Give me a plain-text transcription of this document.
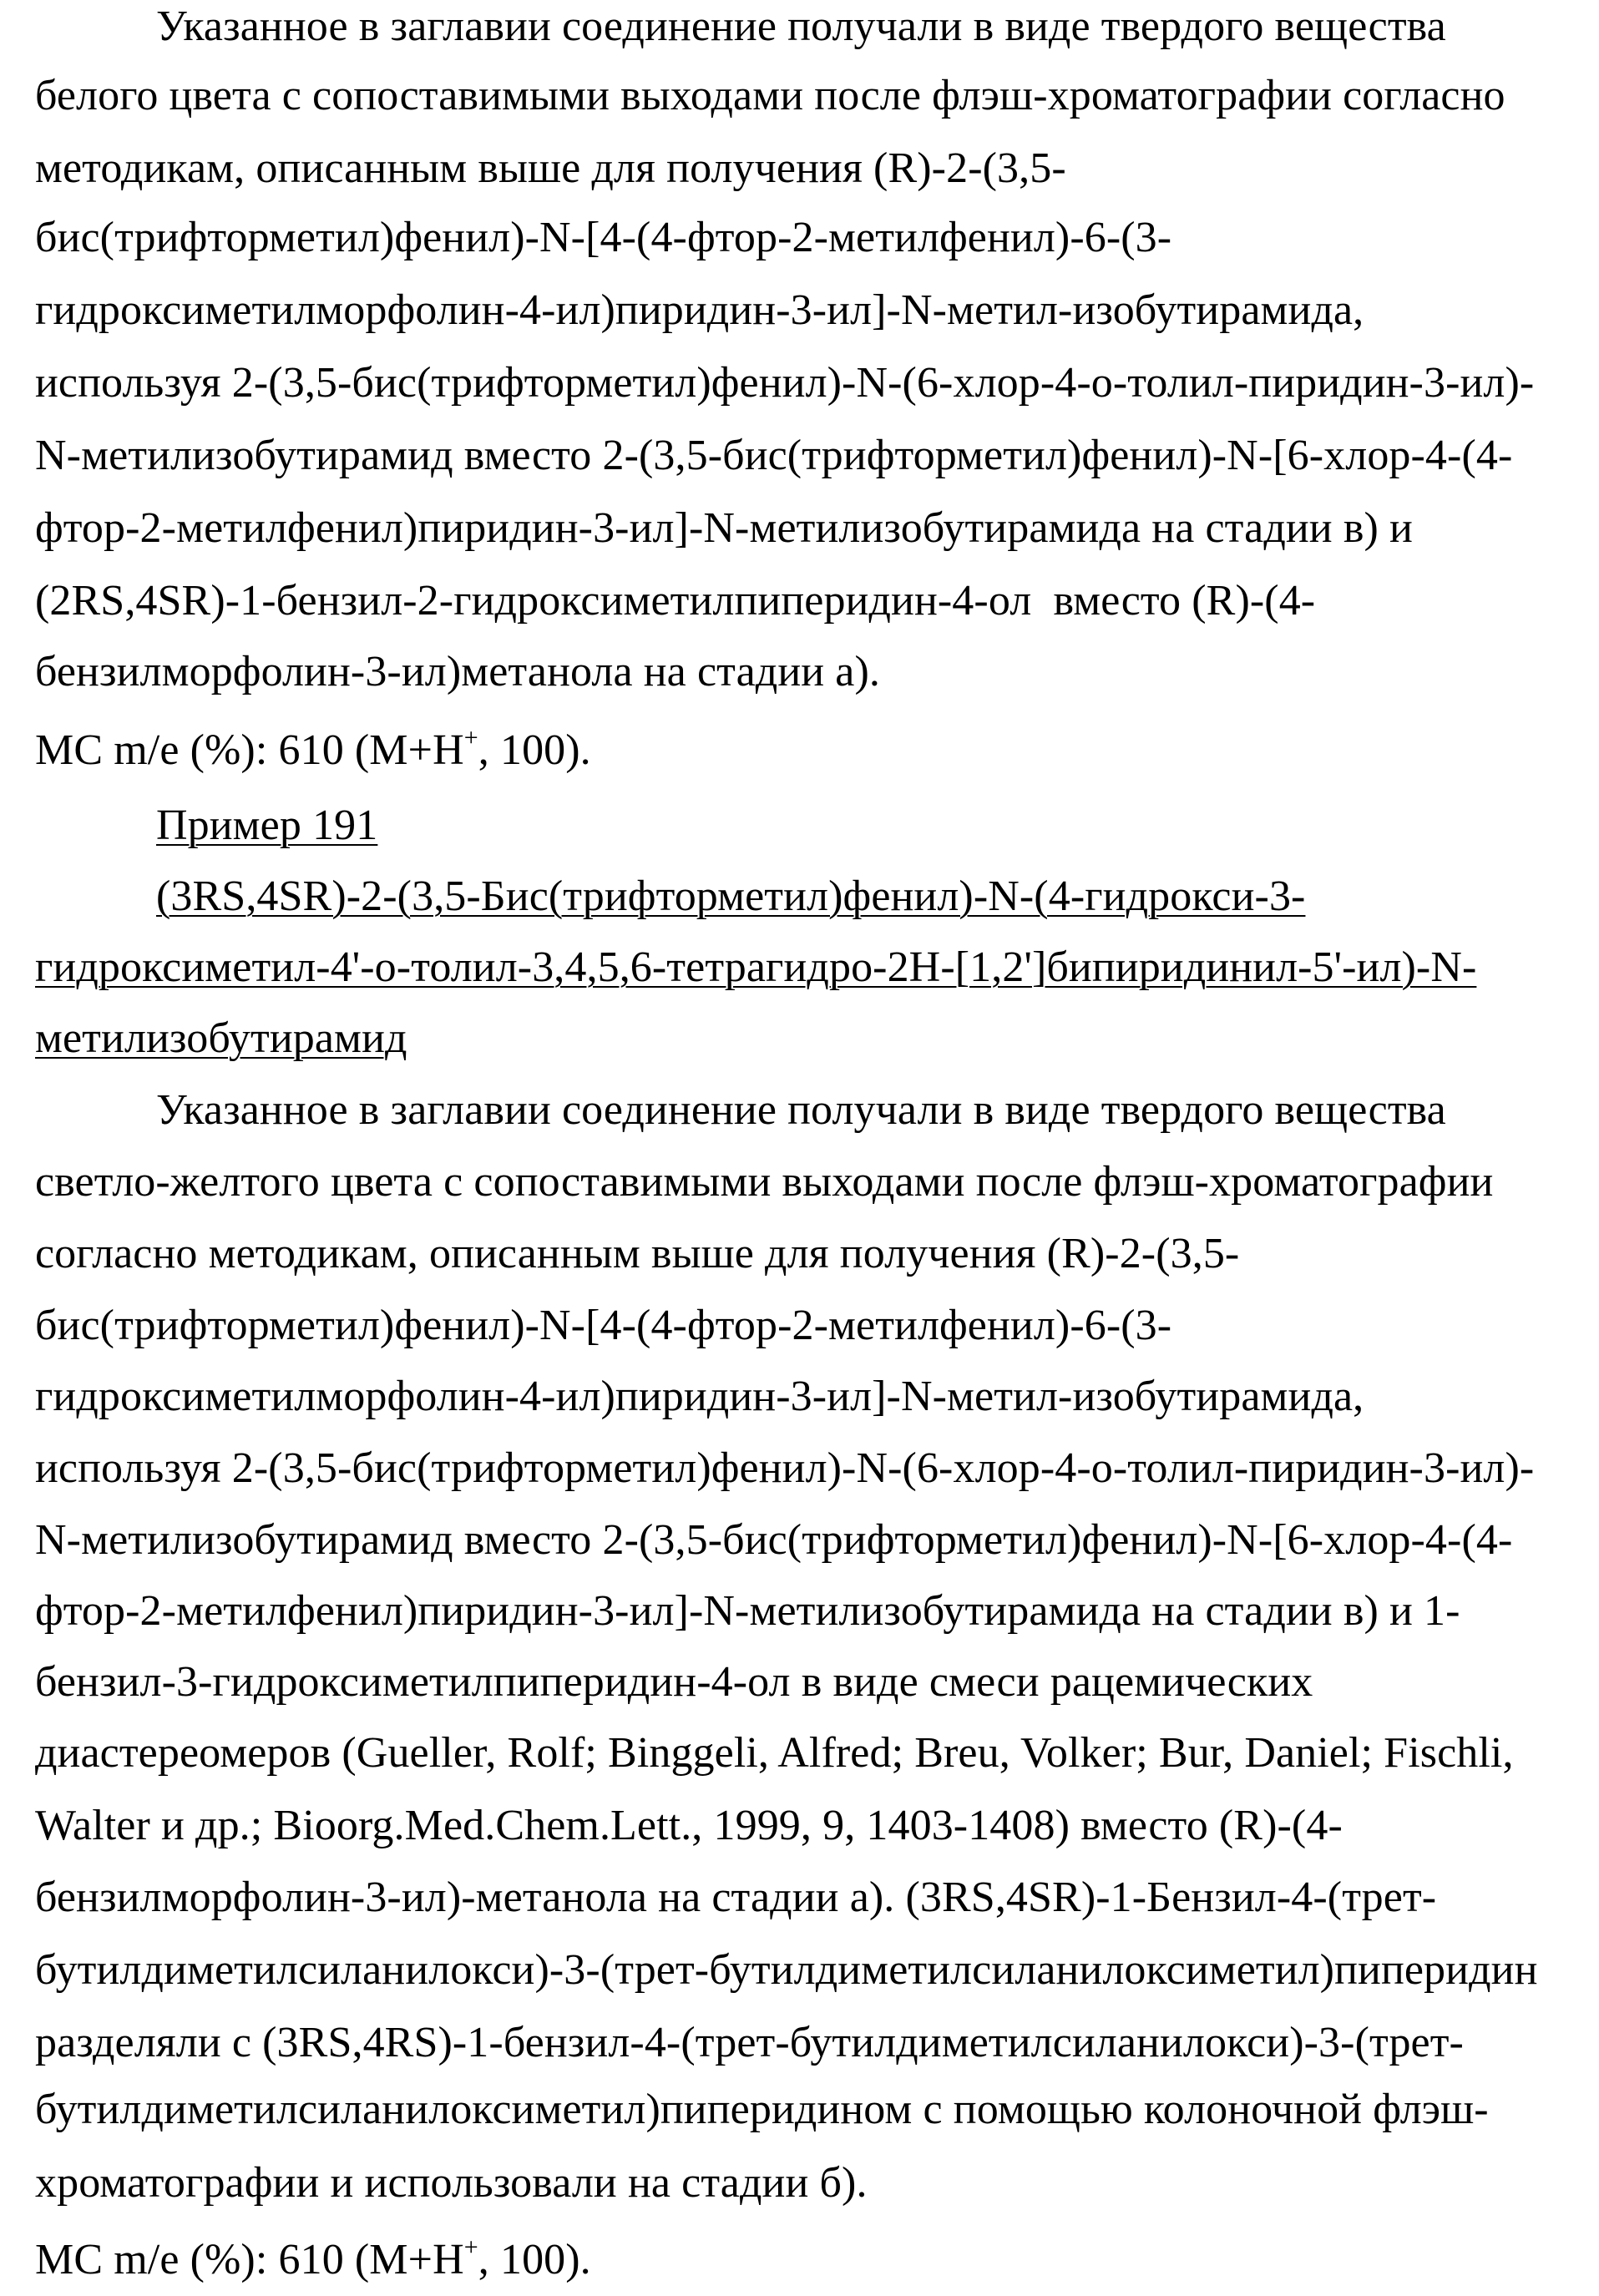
Указанное в заглавии соединение получали в виде твердого вещества
белого цвета с сопоставимыми выходами после флэш-хроматографии согласно
методикам, описанным выше для получения (R)-2-(3,5-
бис(трифторметил)фенил)-N-[4-(4-фтор-2-метилфенил)-6-(3-
гидроксиметилморфолин-4-ил)пиридин-3-ил]-N-метил-изобутирамида,
используя 2-(3,5-бис(трифторметил)фенил)-N-(6-хлор-4-о-толил-пиридин-3-ил)-
N-метилизобутирамид вместо 2-(3,5-бис(трифторметил)фенил)-N-[6-хлор-4-(4-
фтор-2-метилфенил)пиридин-3-ил]-N-метилизобутирамида на стадии в) и
(2RS,4SR)-1-бензил-2-гидроксиметилпиперидин-4-ол  вместо (R)-(4-
бензилморфолин-3-ил)метанола на стадии а).
МС m/e (%): 610 (M+H+, 100).
Пример 191
(3RS,4SR)-2-(3,5-Бис(трифторметил)фенил)-N-(4-гидрокси-3-
гидроксиметил-4'-о-толил-3,4,5,6-тетрагидро-2H-[1,2']бипиридинил-5'-ил)-N-
метилизобутирамид
Указанное в заглавии соединение получали в виде твердого вещества
светло-желтого цвета с сопоставимыми выходами после флэш-хроматографии
согласно методикам, описанным выше для получения (R)-2-(3,5-
бис(трифторметил)фенил)-N-[4-(4-фтор-2-метилфенил)-6-(3-
гидроксиметилморфолин-4-ил)пиридин-3-ил]-N-метил-изобутирамида,
используя 2-(3,5-бис(трифторметил)фенил)-N-(6-хлор-4-о-толил-пиридин-3-ил)-
N-метилизобутирамид вместо 2-(3,5-бис(трифторметил)фенил)-N-[6-хлор-4-(4-
фтор-2-метилфенил)пиридин-3-ил]-N-метилизобутирамида на стадии в) и 1-
бензил-3-гидроксиметилпиперидин-4-ол в виде смеси рацемических
диастереомеров (Gueller, Rolf; Binggeli, Alfred; Breu, Volker; Bur, Daniel; Fischli,
Walter и др.; Bioorg.Med.Chem.Lett., 1999, 9, 1403-1408) вместо (R)-(4-
бензилморфолин-3-ил)-метанола на стадии а). (3RS,4SR)-1-Бензил-4-(трет-
бутилдиметилсиланилокси)-3-(трет-бутилдиметилсиланилоксиметил)пиперидин
разделяли с (3RS,4RS)-1-бензил-4-(трет-бутилдиметилсиланилокси)-3-(трет-
бутилдиметилсиланилоксиметил)пиперидином с помощью колоночной флэш-
хроматографии и использовали на стадии б).
МС m/e (%): 610 (M+H+, 100).
